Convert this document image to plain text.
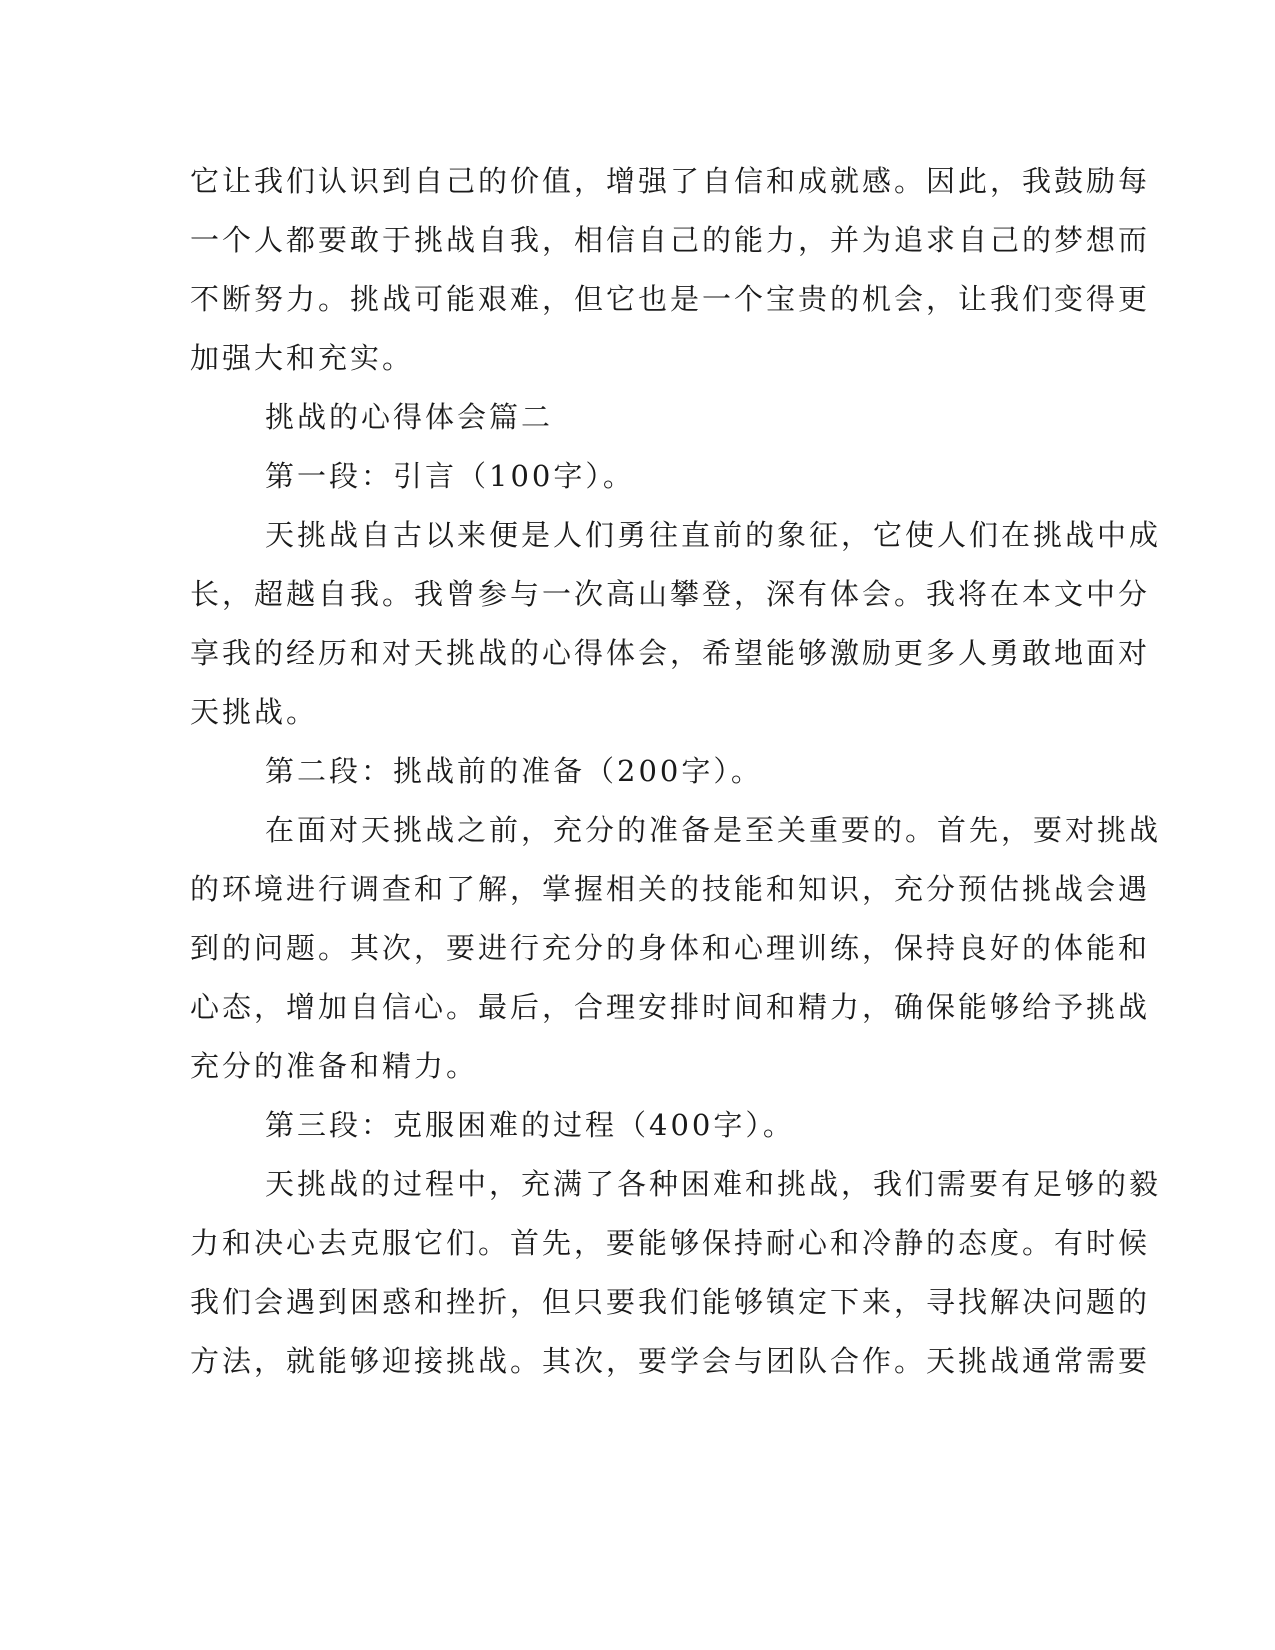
它让我们认识到自己的价值，增强了自信和成就感。因此，我鼓励每
一个人都要敢于挑战自我，相信自己的能力，并为追求自己的梦想而
不断努力。挑战可能艰难，但它也是一个宝贵的机会，让我们变得更
加强大和充实。
挑战的心得体会篇二
第一段：引言（100字）。
天挑战自古以来便是人们勇往直前的象征，它使人们在挑战中成
长，超越自我。我曾参与一次高山攀登，深有体会。我将在本文中分
享我的经历和对天挑战的心得体会，希望能够激励更多人勇敢地面对
天挑战。
第二段：挑战前的准备（200字）。
在面对天挑战之前，充分的准备是至关重要的。首先，要对挑战
的环境进行调查和了解，掌握相关的技能和知识，充分预估挑战会遇
到的问题。其次，要进行充分的身体和心理训练，保持良好的体能和
心态，增加自信心。最后，合理安排时间和精力，确保能够给予挑战
充分的准备和精力。
第三段：克服困难的过程（400字）。
天挑战的过程中，充满了各种困难和挑战，我们需要有足够的毅
力和决心去克服它们。首先，要能够保持耐心和冷静的态度。有时候
我们会遇到困惑和挫折，但只要我们能够镇定下来，寻找解决问题的
方法，就能够迎接挑战。其次，要学会与团队合作。天挑战通常需要
